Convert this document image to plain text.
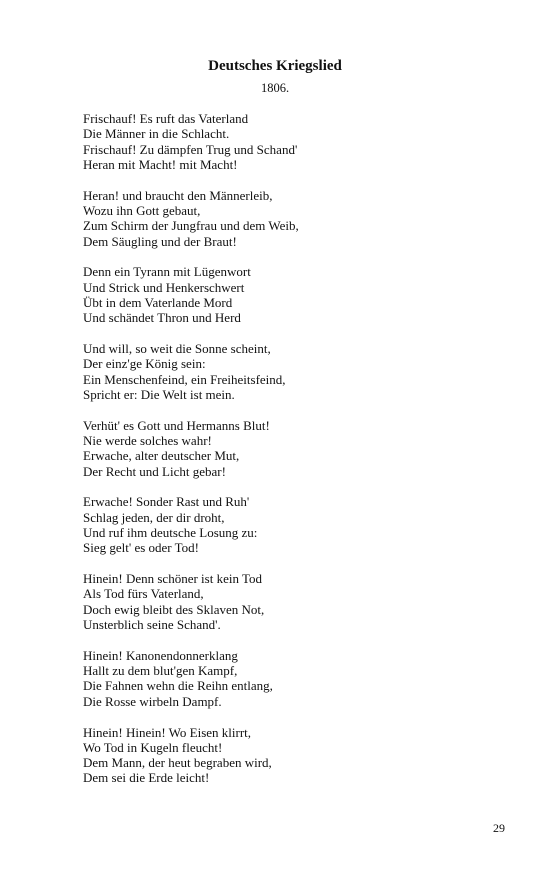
Deutsches Kriegslied
1806.
Frischauf! Es ruft das Vaterland
Die Männer in die Schlacht.
Frischauf! Zu dämpfen Trug und Schand'
Heran mit Macht! mit Macht!
Heran! und braucht den Männerleib,
Wozu ihn Gott gebaut,
Zum Schirm der Jungfrau und dem Weib,
Dem Säugling und der Braut!
Denn ein Tyrann mit Lügenwort
Und Strick und Henkerschwert
Übt in dem Vaterlande Mord
Und schändet Thron und Herd
Und will, so weit die Sonne scheint,
Der einz'ge König sein:
Ein Menschenfeind, ein Freiheitsfeind,
Spricht er: Die Welt ist mein.
Verhüt' es Gott und Hermanns Blut!
Nie werde solches wahr!
Erwache, alter deutscher Mut,
Der Recht und Licht gebar!
Erwache! Sonder Rast und Ruh'
Schlag jeden, der dir droht,
Und ruf ihm deutsche Losung zu:
Sieg gelt' es oder Tod!
Hinein! Denn schöner ist kein Tod
Als Tod fürs Vaterland,
Doch ewig bleibt des Sklaven Not,
Unsterblich seine Schand'.
Hinein! Kanonendonnerklang
Hallt zu dem blut'gen Kampf,
Die Fahnen wehn die Reihn entlang,
Die Rosse wirbeln Dampf.
Hinein! Hinein! Wo Eisen klirrt,
Wo Tod in Kugeln fleucht!
Dem Mann, der heut begraben wird,
Dem sei die Erde leicht!
29
